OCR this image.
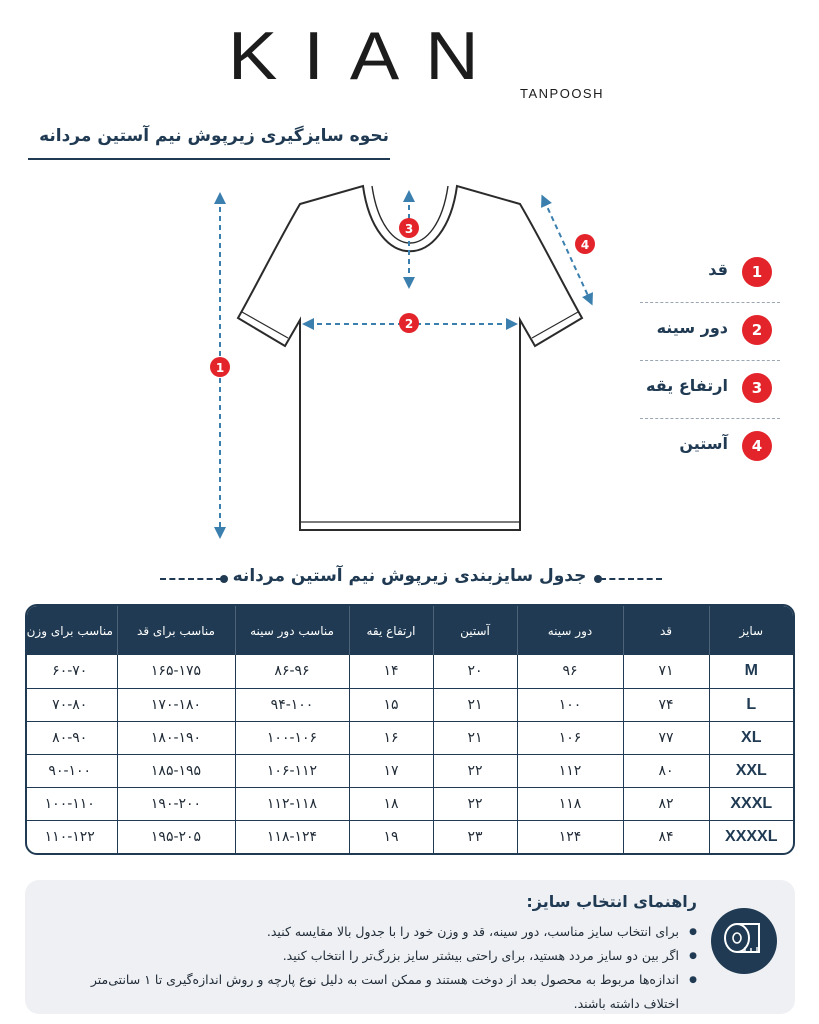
KIAN TANPOOSH
نحوه سایزگیری زیرپوش نیم آستین مردانه
1
2
3
4
1
قد
2
دور سینه
3
ارتفاع یقه
4
آستین
جدول سایزبندی زیرپوش نیم آستین مردانه
سایز	قد	دور سینه	آستین	ارتفاع یقه	مناسب دور سینه	مناسب برای قد	مناسب برای وزن
M	۷۱	۹۶	۲۰	۱۴	۸۶-۹۶	۱۶۵-۱۷۵	۶۰-۷۰
L	۷۴	۱۰۰	۲۱	۱۵	۹۴-۱۰۰	۱۷۰-۱۸۰	۷۰-۸۰
XL	۷۷	۱۰۶	۲۱	۱۶	۱۰۰-۱۰۶	۱۸۰-۱۹۰	۸۰-۹۰
XXL	۸۰	۱۱۲	۲۲	۱۷	۱۰۶-۱۱۲	۱۸۵-۱۹۵	۹۰-۱۰۰
XXXL	۸۲	۱۱۸	۲۲	۱۸	۱۱۲-۱۱۸	۱۹۰-۲۰۰	۱۰۰-۱۱۰
XXXXL	۸۴	۱۲۴	۲۳	۱۹	۱۱۸-۱۲۴	۱۹۵-۲۰۵	۱۱۰-۱۲۲
راهنمای انتخاب سایز:
● برای انتخاب سایز مناسب، دور سینه، قد و وزن خود را با جدول بالا مقایسه کنید.
● اگر بین دو سایز مردد هستید، برای راحتی بیشتر سایز بزرگ‌تر را انتخاب کنید.
● اندازه‌ها مربوط به محصول بعد از دوخت هستند و ممکن است به دلیل نوع پارچه و روش اندازه‌گیری تا ۱ سانتی‌متر اختلاف داشته باشند.
